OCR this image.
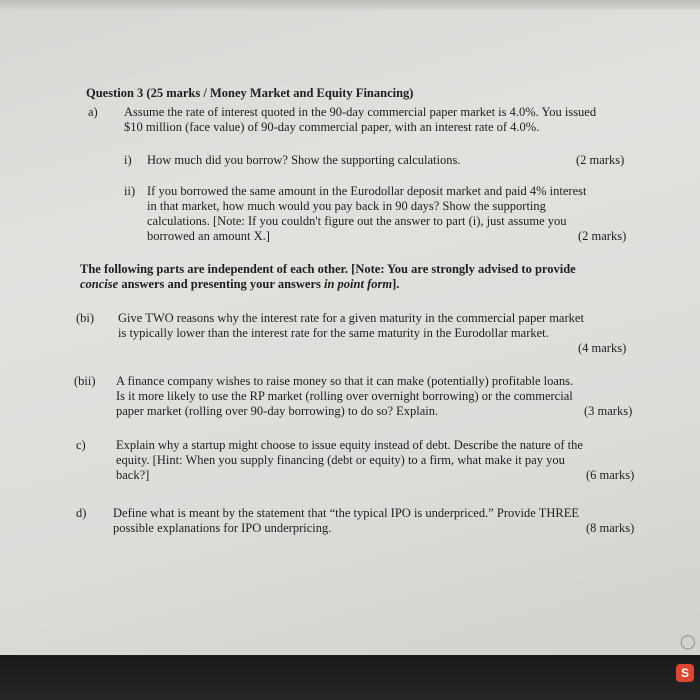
Question 3 (25 marks / Money Market and Equity Financing)
a) Assume the rate of interest quoted in the 90-day commercial paper market is 4.0%. You issued
$10 million (face value) of 90-day commercial paper, with an interest rate of 4.0%.
i) How much did you borrow? Show the supporting calculations.	(2 marks)
ii) If you borrowed the same amount in the Eurodollar deposit market and paid 4% interest
in that market, how much would you pay back in 90 days? Show the supporting
calculations. [Note: If you couldn't figure out the answer to part (i), just assume you
borrowed an amount X.]	(2 marks)
The following parts are independent of each other. [Note: You are strongly advised to provide
concise answers and presenting your answers in point form].
(bi) Give TWO reasons why the interest rate for a given maturity in the commercial paper market
is typically lower than the interest rate for the same maturity in the Eurodollar market.
(4 marks)
(bii) A finance company wishes to raise money so that it can make (potentially) profitable loans.
Is it more likely to use the RP market (rolling over overnight borrowing) or the commercial
paper market (rolling over 90-day borrowing) to do so? Explain.	(3 marks)
c) Explain why a startup might choose to issue equity instead of debt. Describe the nature of the
equity. [Hint: When you supply financing (debt or equity) to a firm, what make it pay you
back?]	(6 marks)
d) Define what is meant by the statement that “the typical IPO is underpriced.” Provide THREE
possible explanations for IPO underpricing.	(8 marks)
◯
S
